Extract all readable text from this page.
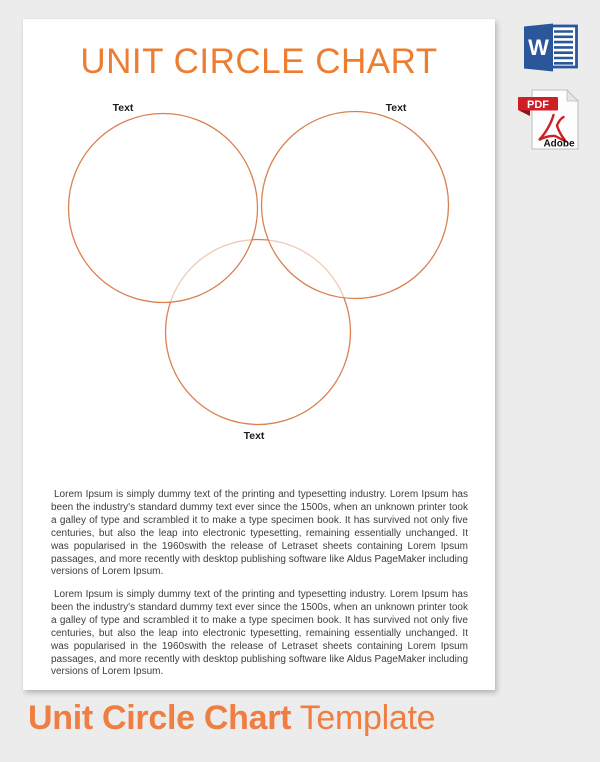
UNIT CIRCLE CHART
Text	Text
Text

Lorem Ipsum is simply dummy text of the printing and typesetting industry. Lorem Ipsum has been the industry's standard dummy text ever since the 1500s, when an unknown printer took a galley of type and scrambled it to make a type specimen book. It has survived not only five centuries, but also the leap into electronic typesetting, remaining essentially unchanged. It was popularised in the 1960swith the release of Letraset sheets containing Lorem Ipsum passages, and more recently with desktop publishing software like Aldus PageMaker including versions of Lorem Ipsum.

Lorem Ipsum is simply dummy text of the printing and typesetting industry. Lorem Ipsum has been the industry's standard dummy text ever since the 1500s, when an unknown printer took a galley of type and scrambled it to make a type specimen book. It has survived not only five centuries, but also the leap into electronic typesetting, remaining essentially unchanged. It was popularised in the 1960swith the release of Letraset sheets containing Lorem Ipsum passages, and more recently with desktop publishing software like Aldus PageMaker including versions of Lorem Ipsum.

W
PDF
Adobe
Unit Circle Chart Template
